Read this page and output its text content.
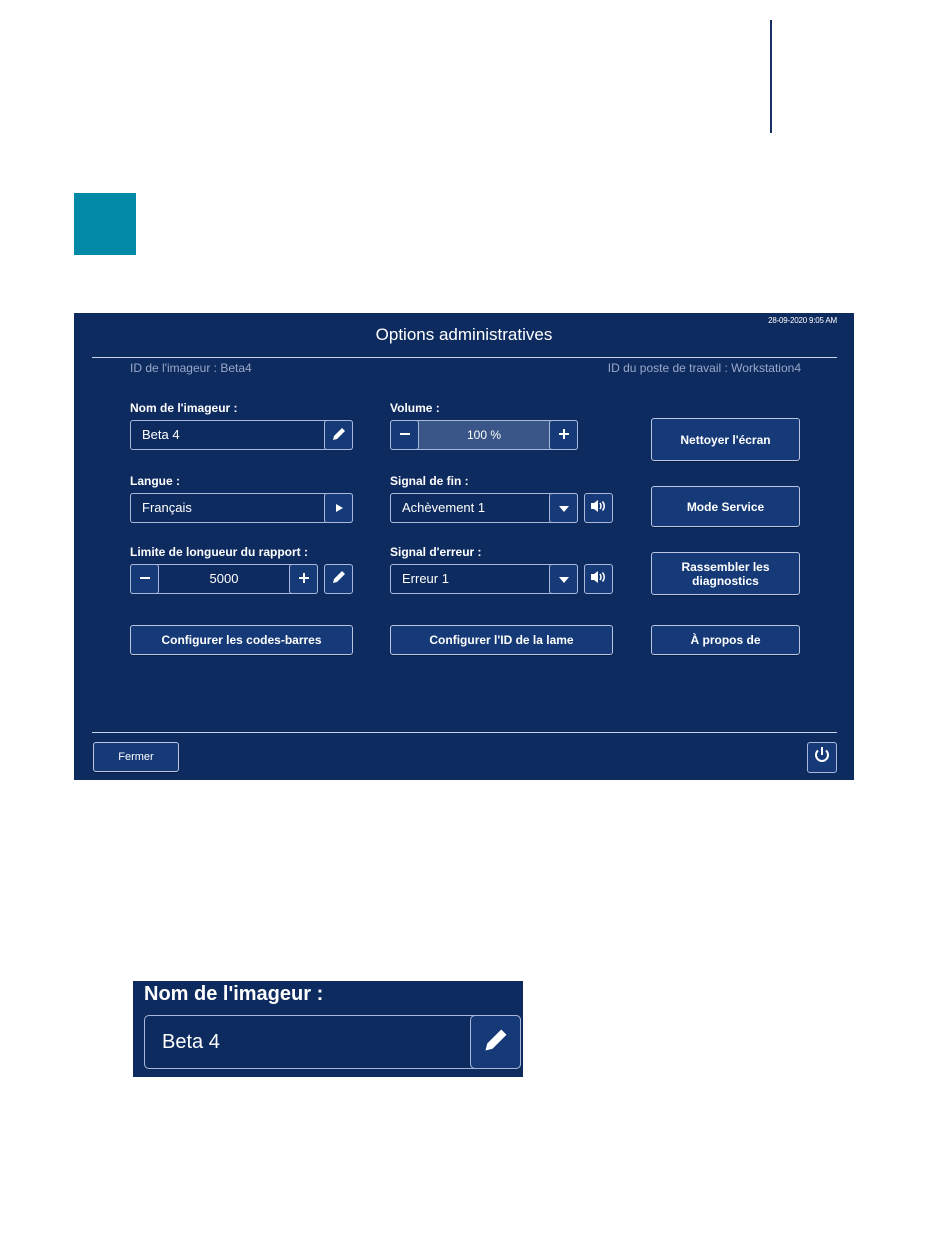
28-09-2020 9:05 AM
Options administratives
ID de l'imageur : Beta4	ID du poste de travail : Workstation4
Nom de l'imageur :
Beta 4
Langue :
Français
Limite de longueur du rapport :
5000
Configurer les codes-barres
Volume :
100 %
Signal de fin :
Achèvement 1
Signal d'erreur :
Erreur 1
Configurer l'ID de la lame
Nettoyer l'écran
Mode Service
Rassembler les diagnostics
À propos de
Fermer
Nom de l'imageur :
Beta 4
